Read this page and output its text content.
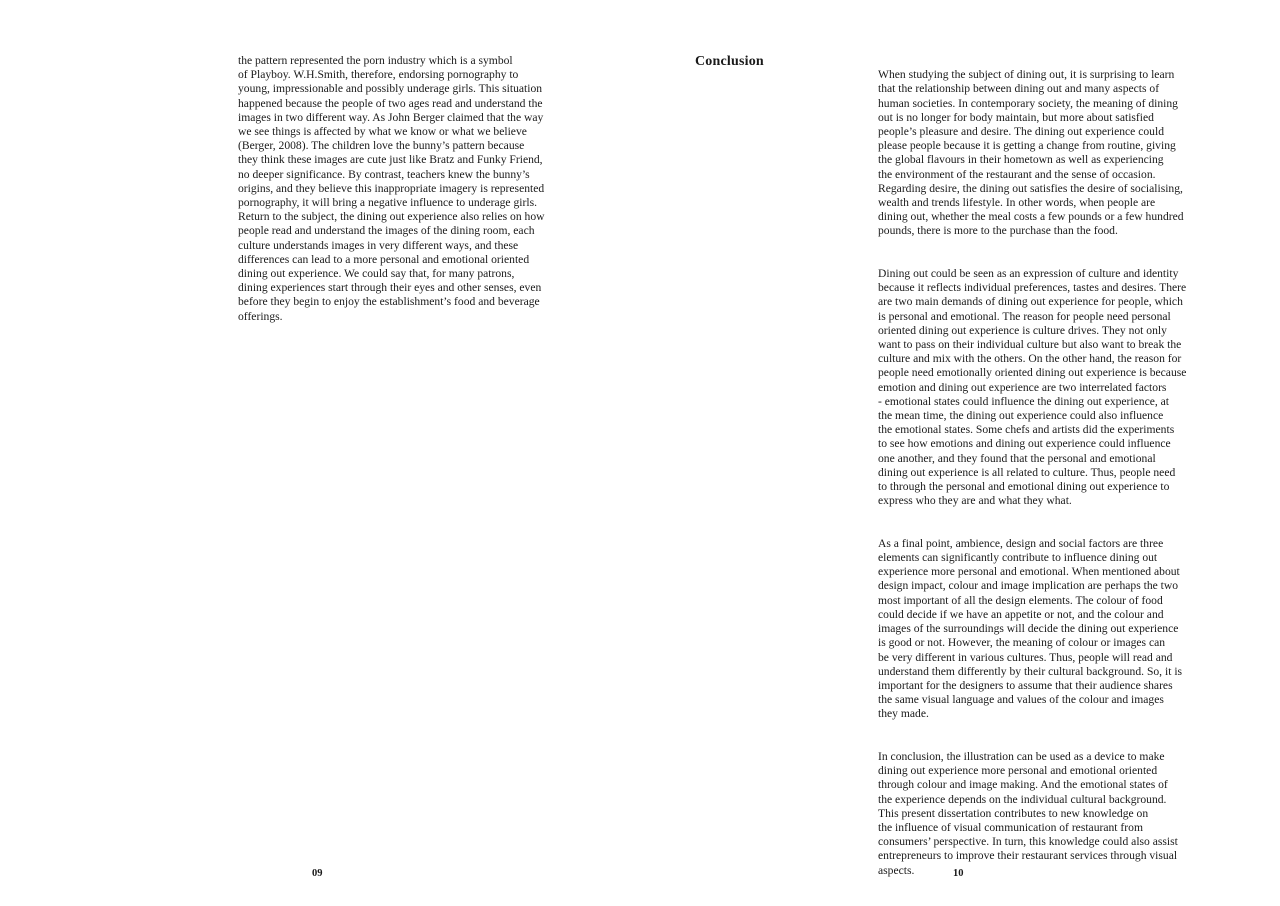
the pattern represented the porn industry which is a symbol
of Playboy. W.H.Smith, therefore, endorsing pornography to
young, impressionable and possibly underage girls. This situation
happened because the people of two ages read and understand the
images in two different way. As John Berger claimed that the way
we see things is affected by what we know or what we believe
(Berger, 2008). The children love the bunny’s pattern because
they think these images are cute just like Bratz and Funky Friend,
no deeper significance. By contrast, teachers knew the bunny’s
origins, and they believe this inappropriate imagery is represented
pornography, it will bring a negative influence to underage girls.
Return to the subject, the dining out experience also relies on how
people read and understand the images of the dining room, each
culture understands images in very different ways, and these
differences can lead to a more personal and emotional oriented
dining out experience. We could say that, for many patrons,
dining experiences start through their eyes and other senses, even
before they begin to enjoy the establishment’s food and beverage
offerings.

09
Conclusion

When studying the subject of dining out, it is surprising to learn
that the relationship between dining out and many aspects of
human societies. In contemporary society, the meaning of dining
out is no longer for body maintain, but more about satisfied
people’s pleasure and desire. The dining out experience could
please people because it is getting a change from routine, giving
the global flavours in their hometown as well as experiencing
the environment of the restaurant and the sense of occasion.
Regarding desire, the dining out satisfies the desire of socialising,
wealth and trends lifestyle. In other words, when people are
dining out, whether the meal costs a few pounds or a few hundred
pounds, there is more to the purchase than the food.

Dining out could be seen as an expression of culture and identity
because it reflects individual preferences, tastes and desires. There
are two main demands of dining out experience for people, which
is personal and emotional. The reason for people need personal
oriented dining out experience is culture drives. They not only
want to pass on their individual culture but also want to break the
culture and mix with the others. On the other hand, the reason for
people need emotionally oriented dining out experience is because
emotion and dining out experience are two interrelated factors
- emotional states could influence the dining out experience, at
the mean time, the dining out experience could also influence
the emotional states. Some chefs and artists did the experiments
to see how emotions and dining out experience could influence
one another, and they found that the personal and emotional
dining out experience is all related to culture. Thus, people need
to through the personal and emotional dining out experience to
express who they are and what they what.

As a final point, ambience, design and social factors are three
elements can significantly contribute to influence dining out
experience more personal and emotional. When mentioned about
design impact, colour and image implication are perhaps the two
most important of all the design elements. The colour of food
could decide if we have an appetite or not, and the colour and
images of the surroundings will decide the dining out experience
is good or not. However, the meaning of colour or images can
be very different in various cultures. Thus, people will read and
understand them differently by their cultural background. So, it is
important for the designers to assume that their audience shares
the same visual language and values of the colour and images
they made.

In conclusion, the illustration can be used as a device to make
dining out experience more personal and emotional oriented
through colour and image making. And the emotional states of
the experience depends on the individual cultural background.
This present dissertation contributes to new knowledge on
the influence of visual communication of restaurant from
consumers’ perspective. In turn, this knowledge could also assist
entrepreneurs to improve their restaurant services through visual
aspects.	10
